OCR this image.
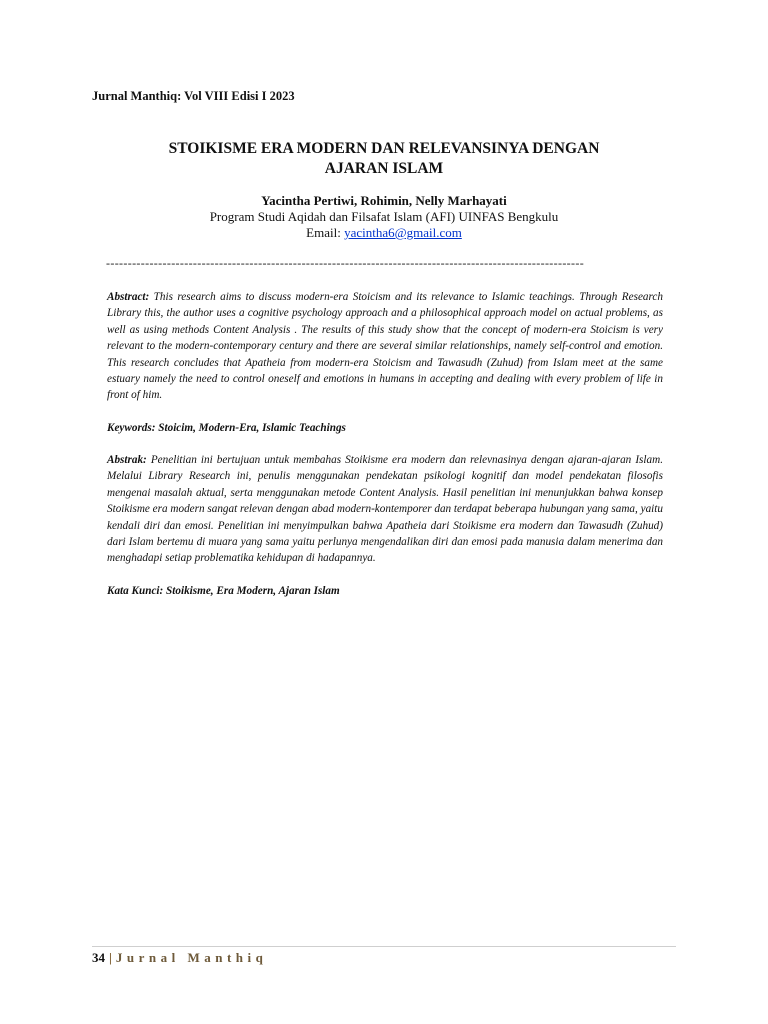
Jurnal Manthiq: Vol VIII Edisi I 2023
STOIKISME ERA MODERN DAN RELEVANSINYA DENGAN
AJARAN ISLAM
Yacintha Pertiwi, Rohimin, Nelly Marhayati
Program Studi Aqidah dan Filsafat Islam (AFI) UINFAS Bengkulu
Email: yacintha6@gmail.com
--------------------------------------------------------------------------------------------------------------
Abstract: This research aims to discuss modern-era Stoicism and its relevance to Islamic teachings. Through Research Library this, the author uses a cognitive psychology approach and a philosophical approach model on actual problems, as well as using methods Content Analysis . The results of this study show that the concept of modern-era Stoicism is very relevant to the modern-contemporary century and there are several similar relationships, namely self-control and emotion. This research concludes that Apatheia from modern-era Stoicism and Tawasudh (Zuhud) from Islam meet at the same estuary namely the need to control oneself and emotions in humans in accepting and dealing with every problem of life in front of him.
Keywords: Stoicim, Modern-Era, Islamic Teachings
Abstrak: Penelitian ini bertujuan untuk membahas Stoikisme era modern dan relevnasinya dengan ajaran-ajaran Islam. Melalui Library Research ini, penulis menggunakan pendekatan psikologi kognitif dan model pendekatan filosofis mengenai masalah aktual, serta menggunakan metode Content Analysis. Hasil penelitian ini menunjukkan bahwa konsep Stoikisme era modern sangat relevan dengan abad modern-kontemporer dan terdapat beberapa hubungan yang sama, yaitu kendali diri dan emosi. Penelitian ini menyimpulkan bahwa Apatheia dari Stoikisme era modern dan Tawasudh (Zuhud) dari Islam bertemu di muara yang sama yaitu perlunya mengendalikan diri dan emosi pada manusia dalam menerima dan menghadapi setiap problematika kehidupan di hadapannya.
Kata Kunci: Stoikisme, Era Modern, Ajaran Islam
34 | Jurnal Manthiq
